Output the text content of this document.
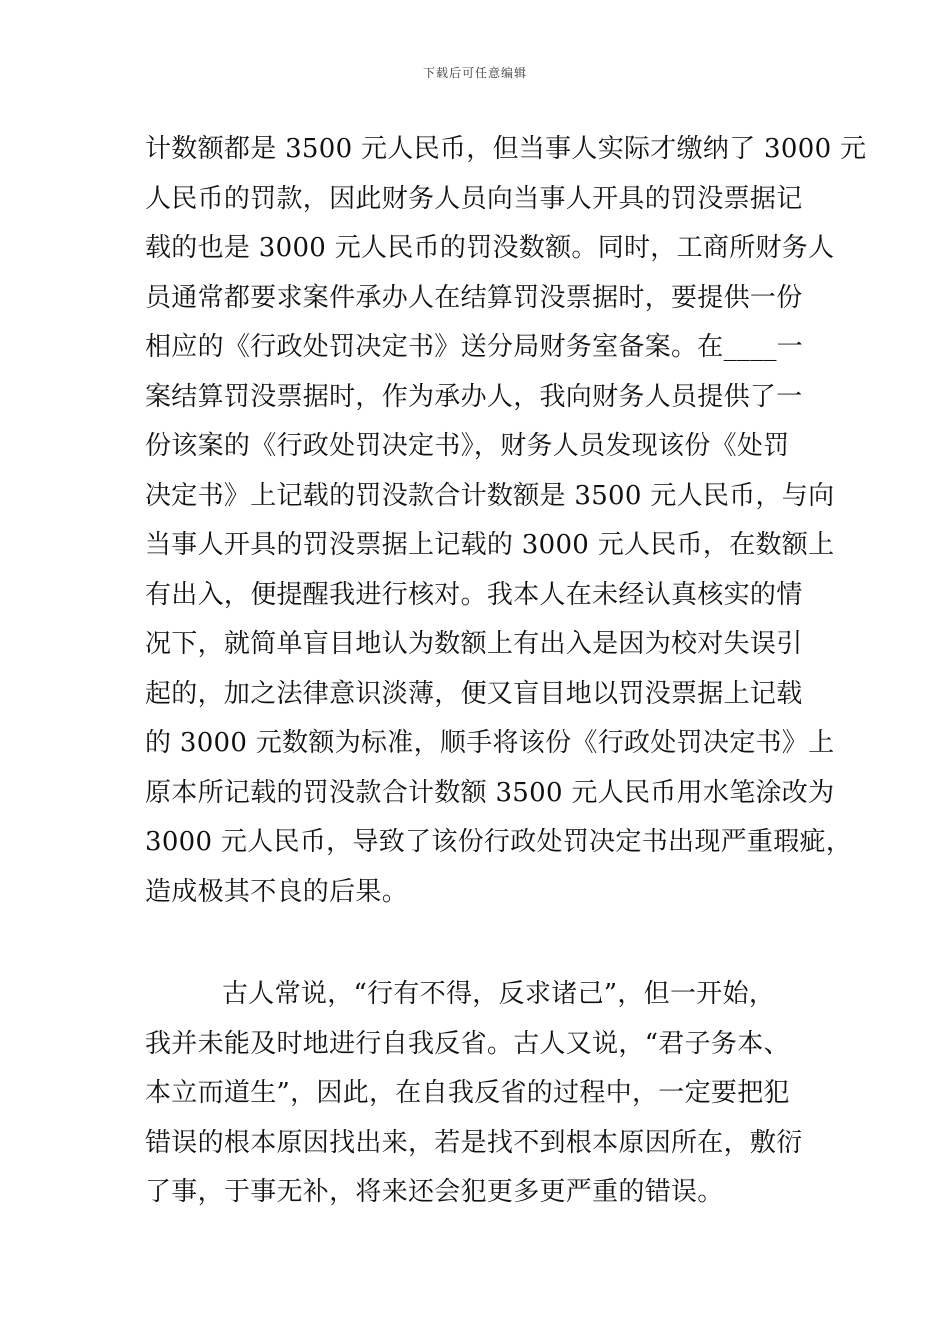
下载后可任意编辑
计数额都是 3500 元人民币，但当事人实际才缴纳了 3000 元
人民币的罚款，因此财务人员向当事人开具的罚没票据记
载的也是 3000 元人民币的罚没数额。同时，工商所财务人
员通常都要求案件承办人在结算罚没票据时，要提供一份
相应的《行政处罚决定书》送分局财务室备案。在____一
案结算罚没票据时，作为承办人，我向财务人员提供了一
份该案的《行政处罚决定书》，财务人员发现该份《处罚
决定书》上记载的罚没款合计数额是 3500 元人民币，与向
当事人开具的罚没票据上记载的 3000 元人民币，在数额上
有出入，便提醒我进行核对。我本人在未经认真核实的情
况下，就简单盲目地认为数额上有出入是因为校对失误引
起的，加之法律意识淡薄，便又盲目地以罚没票据上记载
的 3000 元数额为标准，顺手将该份《行政处罚决定书》上
原本所记载的罚没款合计数额 3500 元人民币用水笔涂改为
3000 元人民币，导致了该份行政处罚决定书出现严重瑕疵，
造成极其不良的后果。
古人常说，“行有不得，反求诸己”，但一开始，
我并未能及时地进行自我反省。古人又说，“君子务本、
本立而道生”，因此，在自我反省的过程中，一定要把犯
错误的根本原因找出来，若是找不到根本原因所在，敷衍
了事，于事无补，将来还会犯更多更严重的错误。
